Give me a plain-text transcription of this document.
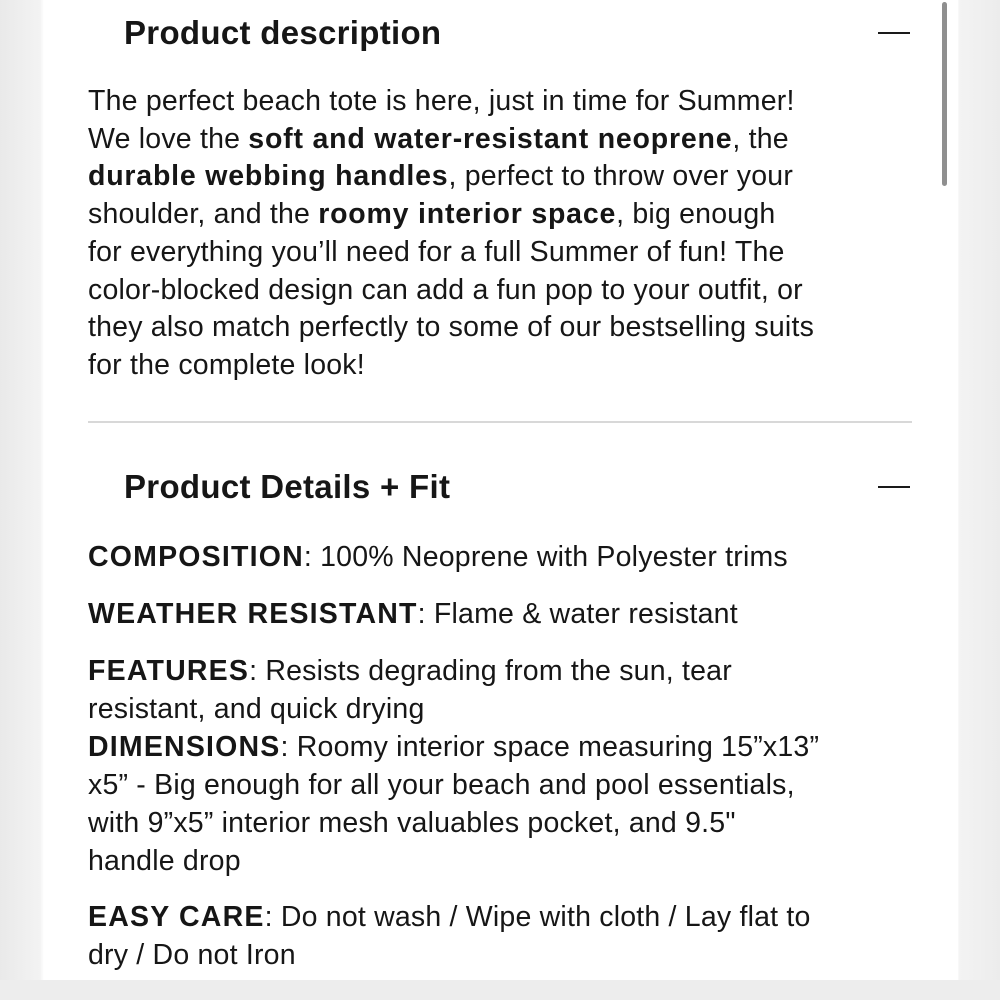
Product description

The perfect beach tote is here, just in time for Summer!

We love the soft and water-resistant neoprene, the

durable webbing handles, perfect to throw over your

shoulder, and the roomy interior space, big enough

for everything you’ll need for a full Summer of fun! The

color-blocked design can add a fun pop to your outfit, or

they also match perfectly to some of our bestselling suits

for the complete look!

Product Details + Fit

COMPOSITION: 100% Neoprene with Polyester trims

WEATHER RESISTANT: Flame & water resistant

FEATURES: Resists degrading from the sun, tear

resistant, and quick drying

DIMENSIONS: Roomy interior space measuring 15”x13”

x5” - Big enough for all your beach and pool essentials,

with 9”x5” interior mesh valuables pocket, and 9.5"

handle drop

EASY CARE: Do not wash / Wipe with cloth / Lay flat to

dry / Do not Iron
